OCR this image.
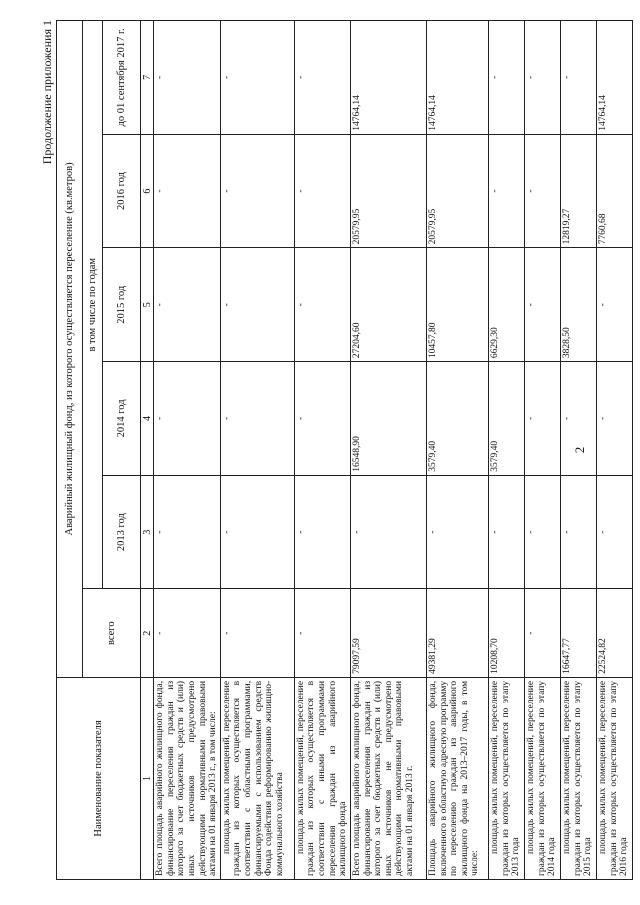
Продолжение приложения 1
Наименование показателя	Аварийный жилищный фонд, из которого осуществляется переселение (кв.метров)					
	всего	в том числе по годам				
		2013 год	2014 год	2015 год	2016 год	до 01 сентября 2017 г.
1	2	3	4	5	6	7
Всего площадь аварийного жилищного фонда, финансирование переселения граждан из которого за счет бюджетных средств и (или) иных источников предусмотрено действующими нормативными правовыми актами на 01 января 2013 г., в том числе:	-	-	-	-	-	-
площадь жилых помещений, переселение граждан из которых осуществляется в соответствии с областными программами, финансируемыми с использованием средств Фонда содействия реформированию жилищно-коммунального хозяйства	-	-	-	-	-	-
площадь жилых помещений, переселение граждан из которых осуществляется в соответствии с иными программами переселения граждан из аварийного жилищного фонда	-	-	-	-	-	-
Всего площадь аварийного жилищного фонда, финансирование переселения граждан из которого за счет бюджетных средств и (или) иных источников не предусмотрено действующими нормативными правовыми актами на 01 января 2013 г.	79097,59	-	16548,90	27204,60	20579,95	14764,14
Площадь аварийного жилищного фонда, включенного в областную адресную программу по переселению граждан из аварийного жилищного фонда на 2013–2017 годы, в том числе:	49381,29	-	3579,40	10457,80	20579,95	14764,14
площадь жилых помещений, переселение граждан из которых осуществляется по этапу 2013 года	10208,70	-	3579,40	6629,30	-	-
площадь жилых помещений, переселение граждан из которых осуществляется по этапу 2014 года	-	-	-	-	-	-
площадь жилых помещений, переселение граждан из которых осуществляется по этапу 2015 года	16647,77	-	-	3828,50	12819,27	-
площадь жилых помещений, переселение граждан из которых осуществляется по этапу 2016 года	22524,82	-	-	-	7760,68	14764,14
2
